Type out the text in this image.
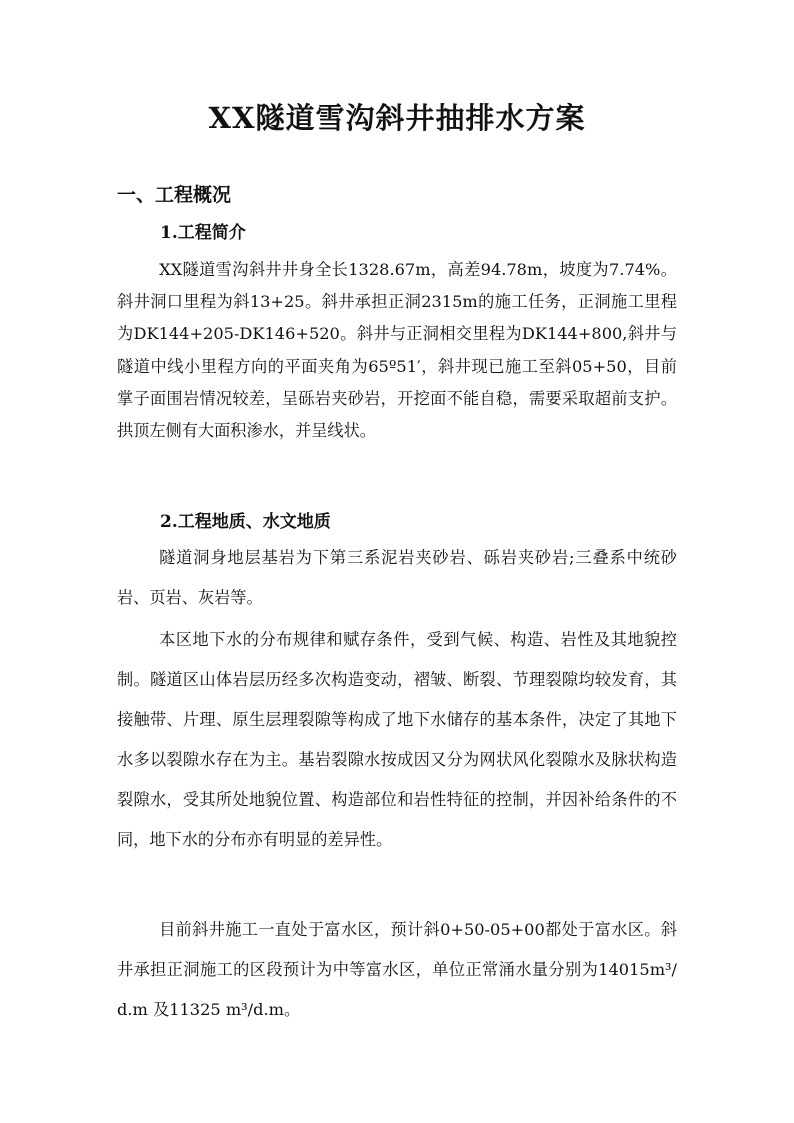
XX隧道雪沟斜井抽排水方案
一、工程概况
1.工程简介

XX隧道雪沟斜井井身全长1328.67m，高差94.78m，坡度为7.74%。斜井洞口里程为斜13+25。斜井承担正洞2315m的施工任务，正洞施工里程为DK144+205-DK146+520。斜井与正洞相交里程为DK144+800,斜井与隧道中线小里程方向的平面夹角为65º51′，斜井现已施工至斜05+50，目前掌子面围岩情况较差，呈砾岩夹砂岩，开挖面不能自稳，需要采取超前支护。拱顶左侧有大面积渗水，并呈线状。

2.工程地质、水文地质

隧道洞身地层基岩为下第三系泥岩夹砂岩、砾岩夹砂岩;三叠系中统砂岩、页岩、灰岩等。

本区地下水的分布规律和赋存条件，受到气候、构造、岩性及其地貌控制。隧道区山体岩层历经多次构造变动，褶皱、断裂、节理裂隙均较发育，其接触带、片理、原生层理裂隙等构成了地下水储存的基本条件，决定了其地下水多以裂隙水存在为主。基岩裂隙水按成因又分为网状风化裂隙水及脉状构造裂隙水，受其所处地貌位置、构造部位和岩性特征的控制，并因补给条件的不同，地下水的分布亦有明显的差异性。

目前斜井施工一直处于富水区，预计斜0+50-05+00都处于富水区。斜井承担正洞施工的区段预计为中等富水区，单位正常涌水量分别为14015m³/d.m 及11325 m³/d.m。
